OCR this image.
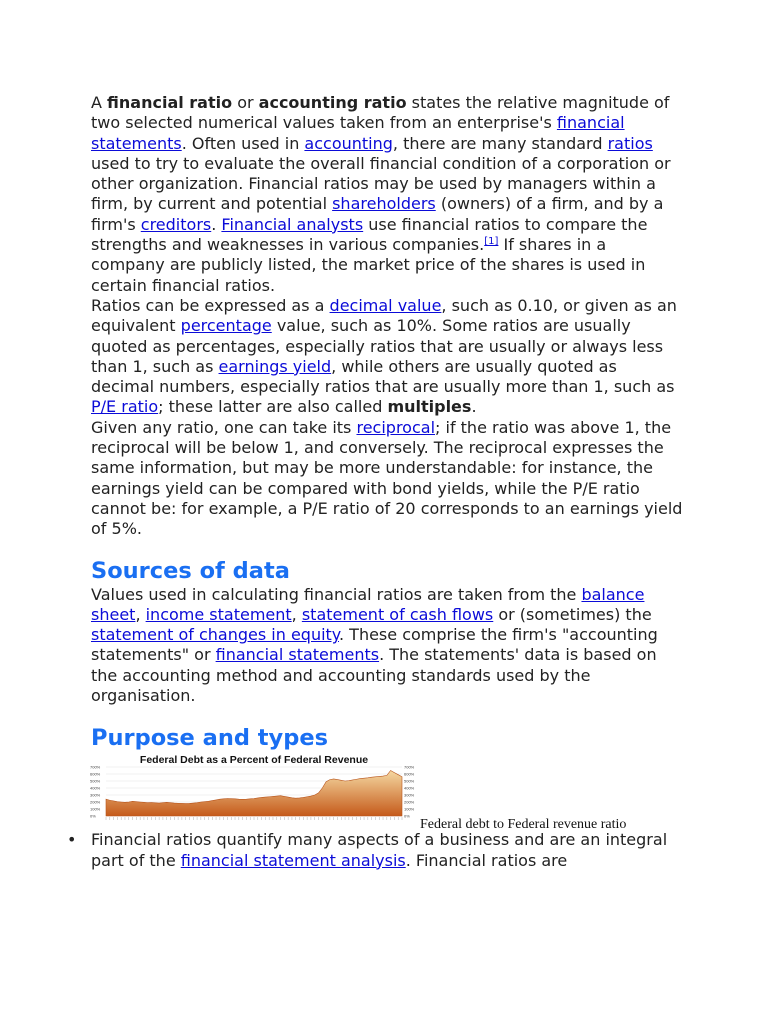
A financial ratio or accounting ratio states the relative magnitude of two selected numerical values taken from an enterprise's financial statements. Often used in accounting, there are many standard ratios used to try to evaluate the overall financial condition of a corporation or other organization. Financial ratios may be used by managers within a firm, by current and potential shareholders (owners) of a firm, and by a firm's creditors. Financial analysts use financial ratios to compare the strengths and weaknesses in various companies.[1] If shares in a company are publicly listed, the market price of the shares is used in certain financial ratios.

Ratios can be expressed as a decimal value, such as 0.10, or given as an equivalent percentage value, such as 10%. Some ratios are usually quoted as percentages, especially ratios that are usually or always less than 1, such as earnings yield, while others are usually quoted as decimal numbers, especially ratios that are usually more than 1, such as P/E ratio; these latter are also called multiples.

Given any ratio, one can take its reciprocal; if the ratio was above 1, the reciprocal will be below 1, and conversely. The reciprocal expresses the same information, but may be more understandable: for instance, the earnings yield can be compared with bond yields, while the P/E ratio cannot be: for example, a P/E ratio of 20 corresponds to an earnings yield of 5%.

Sources of data

Values used in calculating financial ratios are taken from the balance sheet, income statement, statement of cash flows or (sometimes) the statement of changes in equity. These comprise the firm's "accounting statements" or financial statements. The statements' data is based on the accounting method and accounting standards used by the organisation.

Purpose and types
Federal Debt as a Percent of Federal Revenue
700%
600%
500%
400%
300%
200%
100%
0%
700%
600%
500%
400%
300%
200%
100%
0%
Federal debt to Federal revenue ratio
• Financial ratios quantify many aspects of a business and are an integral part of the financial statement analysis. Financial ratios are
